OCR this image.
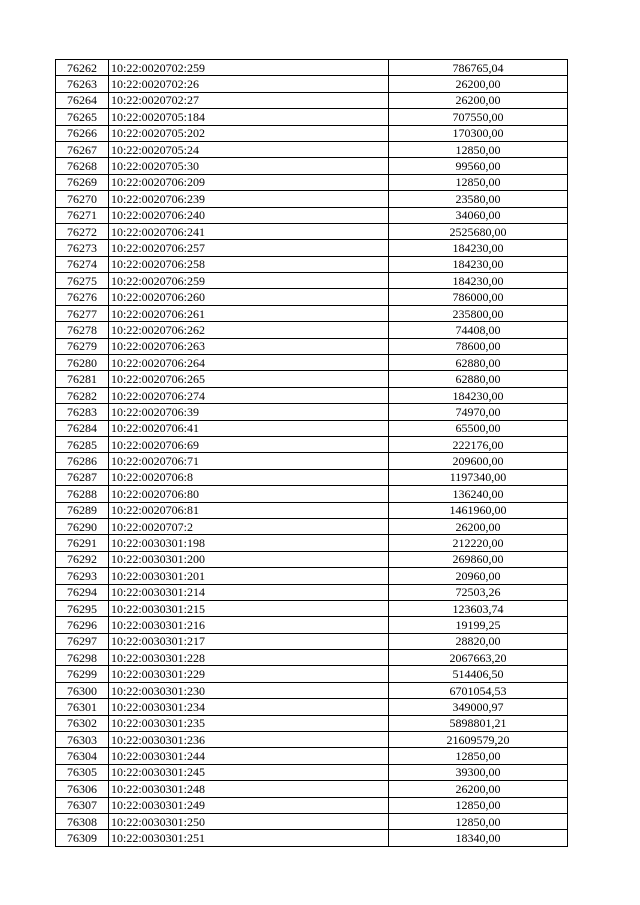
76262	10:22:0020702:259	786765,04
76263	10:22:0020702:26	26200,00
76264	10:22:0020702:27	26200,00
76265	10:22:0020705:184	707550,00
76266	10:22:0020705:202	170300,00
76267	10:22:0020705:24	12850,00
76268	10:22:0020705:30	99560,00
76269	10:22:0020706:209	12850,00
76270	10:22:0020706:239	23580,00
76271	10:22:0020706:240	34060,00
76272	10:22:0020706:241	2525680,00
76273	10:22:0020706:257	184230,00
76274	10:22:0020706:258	184230,00
76275	10:22:0020706:259	184230,00
76276	10:22:0020706:260	786000,00
76277	10:22:0020706:261	235800,00
76278	10:22:0020706:262	74408,00
76279	10:22:0020706:263	78600,00
76280	10:22:0020706:264	62880,00
76281	10:22:0020706:265	62880,00
76282	10:22:0020706:274	184230,00
76283	10:22:0020706:39	74970,00
76284	10:22:0020706:41	65500,00
76285	10:22:0020706:69	222176,00
76286	10:22:0020706:71	209600,00
76287	10:22:0020706:8	1197340,00
76288	10:22:0020706:80	136240,00
76289	10:22:0020706:81	1461960,00
76290	10:22:0020707:2	26200,00
76291	10:22:0030301:198	212220,00
76292	10:22:0030301:200	269860,00
76293	10:22:0030301:201	20960,00
76294	10:22:0030301:214	72503,26
76295	10:22:0030301:215	123603,74
76296	10:22:0030301:216	19199,25
76297	10:22:0030301:217	28820,00
76298	10:22:0030301:228	2067663,20
76299	10:22:0030301:229	514406,50
76300	10:22:0030301:230	6701054,53
76301	10:22:0030301:234	349000,97
76302	10:22:0030301:235	5898801,21
76303	10:22:0030301:236	21609579,20
76304	10:22:0030301:244	12850,00
76305	10:22:0030301:245	39300,00
76306	10:22:0030301:248	26200,00
76307	10:22:0030301:249	12850,00
76308	10:22:0030301:250	12850,00
76309	10:22:0030301:251	18340,00
